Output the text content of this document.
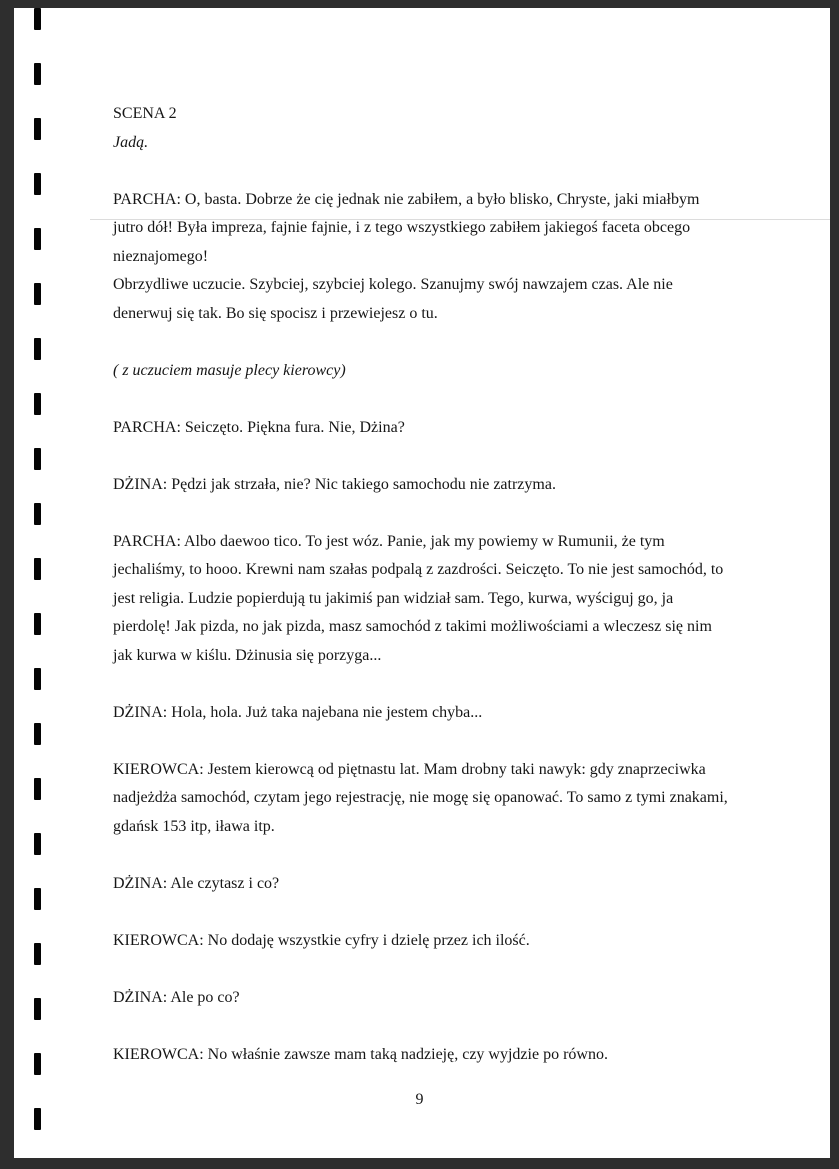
SCENA 2

Jadą.

PARCHA: O, basta. Dobrze że cię jednak nie zabiłem, a było blisko, Chryste, jaki miałbym jutro dół! Była impreza, fajnie fajnie, i z tego wszystkiego zabiłem jakiegoś faceta obcego nieznajomego!

Obrzydliwe uczucie. Szybciej, szybciej kolego. Szanujmy swój nawzajem czas. Ale nie denerwuj się tak. Bo się spocisz i przewiejesz o tu.

( z uczuciem masuje plecy kierowcy)

PARCHA: Seiczęto. Piękna fura. Nie, Dżina?

DŻINA: Pędzi jak strzała, nie? Nic takiego samochodu nie zatrzyma.

PARCHA: Albo daewoo tico. To jest wóz. Panie, jak my powiemy w Rumunii, że tym jechaliśmy, to hooo. Krewni nam szałas podpalą z zazdrości. Seiczęto. To nie jest samochód, to jest religia. Ludzie popierdują tu jakimiś pan widział sam. Tego, kurwa, wyściguj go, ja pierdolę! Jak pizda, no jak pizda, masz samochód z takimi możliwościami a wleczesz się nim jak kurwa w kiślu. Dżinusia się porzyga...

DŻINA: Hola, hola. Już taka najebana nie jestem chyba...

KIEROWCA: Jestem kierowcą od piętnastu lat. Mam drobny taki nawyk: gdy znaprzeciwka nadjeżdża samochód, czytam jego rejestrację, nie mogę się opanować. To samo z tymi znakami, gdańsk 153 itp, iława itp.

DŻINA: Ale czytasz i co?

KIEROWCA: No dodaję wszystkie cyfry i dzielę przez ich ilość.

DŻINA: Ale po co?

KIEROWCA: No właśnie zawsze mam taką nadzieję, czy wyjdzie po równo.

9
